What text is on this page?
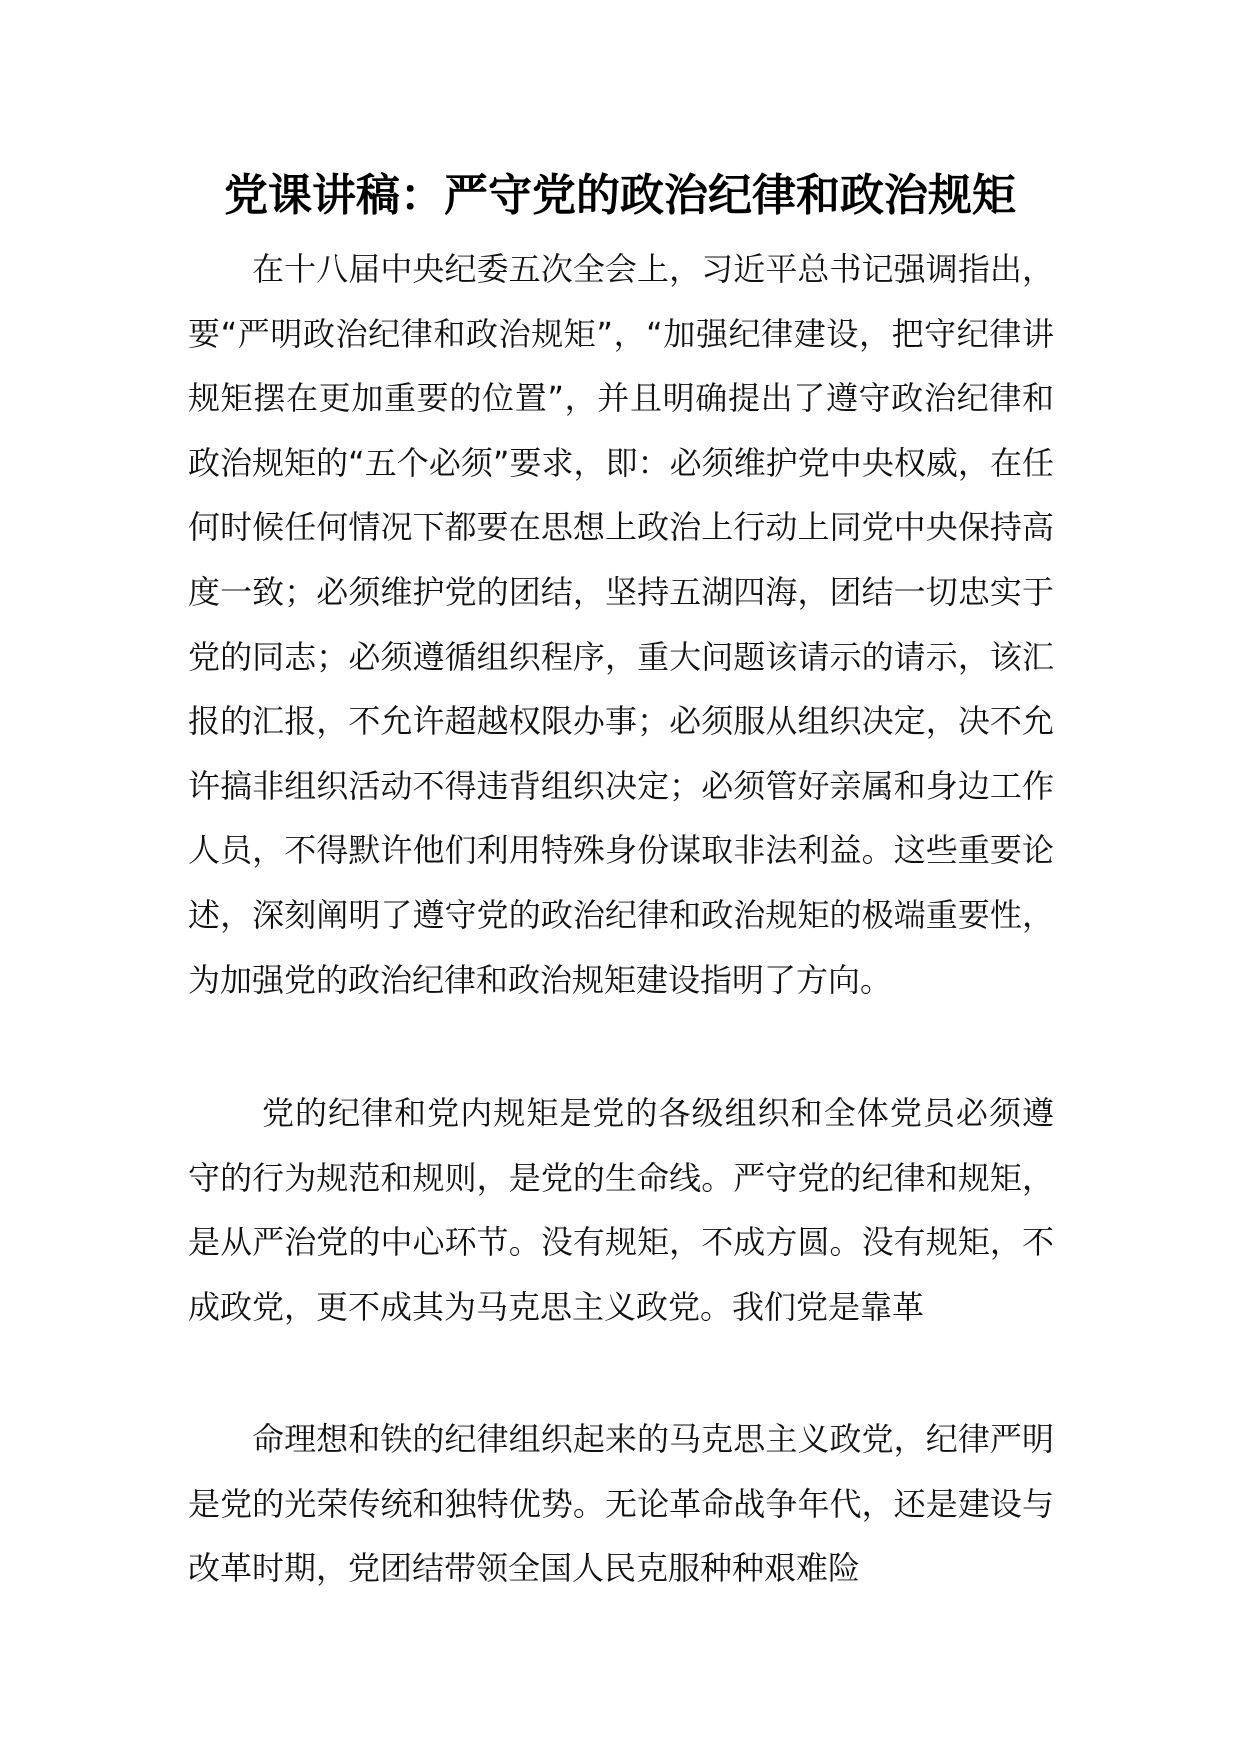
党课讲稿：严守党的政治纪律和政治规矩

在十八届中央纪委五次全会上，习近平总书记强调指出，要“严明政治纪律和政治规矩”，“加强纪律建设，把守纪律讲规矩摆在更加重要的位置”，并且明确提出了遵守政治纪律和政治规矩的“五个必须”要求，即：必须维护党中央权威，在任何时候任何情况下都要在思想上政治上行动上同党中央保持高度一致；必须维护党的团结，坚持五湖四海，团结一切忠实于党的同志；必须遵循组织程序，重大问题该请示的请示，该汇报的汇报，不允许超越权限办事；必须服从组织决定，决不允许搞非组织活动不得违背组织决定；必须管好亲属和身边工作人员，不得默许他们利用特殊身份谋取非法利益。这些重要论述，深刻阐明了遵守党的政治纪律和政治规矩的极端重要性，为加强党的政治纪律和政治规矩建设指明了方向。

党的纪律和党内规矩是党的各级组织和全体党员必须遵守的行为规范和规则，是党的生命线。严守党的纪律和规矩，是从严治党的中心环节。没有规矩，不成方圆。没有规矩，不成政党，更不成其为马克思主义政党。我们党是靠革

命理想和铁的纪律组织起来的马克思主义政党，纪律严明是党的光荣传统和独特优势。无论革命战争年代，还是建设与改革时期，党团结带领全国人民克服种种艰难险
